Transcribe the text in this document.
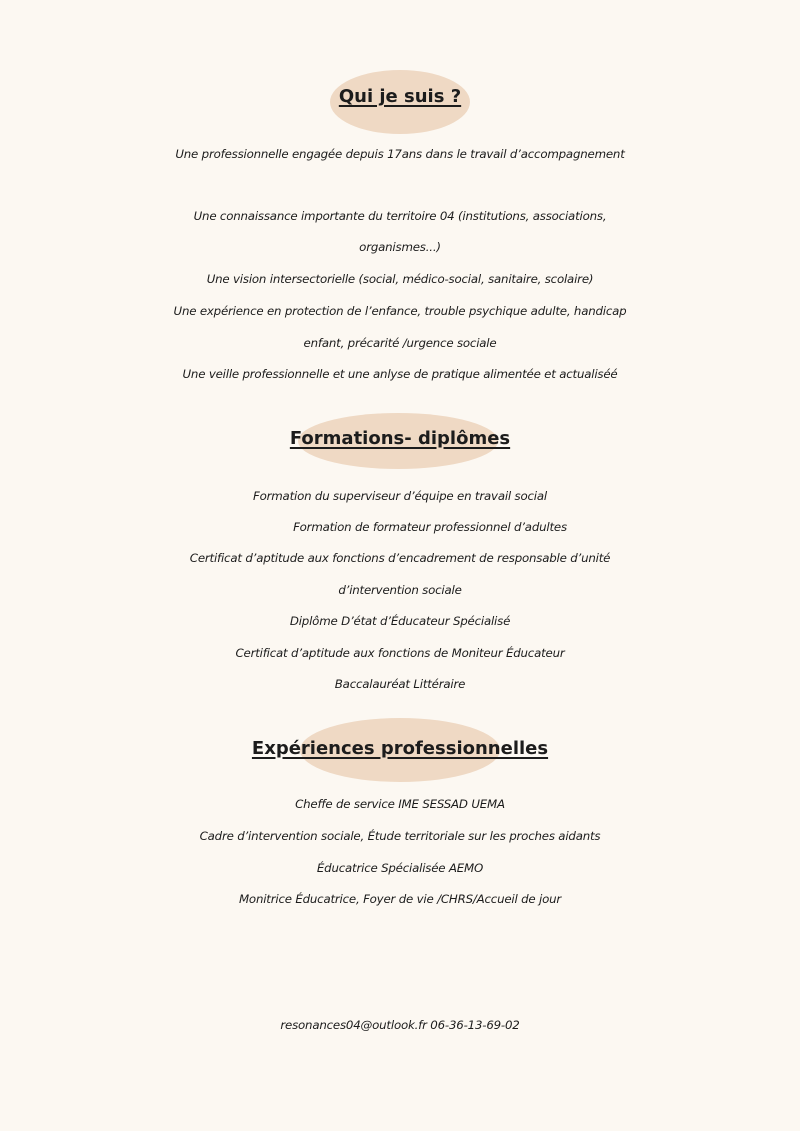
Qui je suis ?

Une professionnelle engagée depuis 17ans dans le travail d’accompagnement

Une connaissance importante du territoire 04 (institutions, associations,

organismes...)

Une vision intersectorielle (social, médico-social, sanitaire, scolaire)

Une expérience en protection de l’enfance, trouble psychique adulte, handicap

enfant, précarité /urgence sociale

Une veille professionnelle et une anlyse de pratique alimentée et actualiséé

Formations- diplômes

Formation du superviseur d’équipe en travail social

Formation de formateur professionnel d’adultes

Certificat d’aptitude aux fonctions d’encadrement de responsable d’unité

d’intervention sociale

Diplôme D’état d’Éducateur Spécialisé

Certificat d’aptitude aux fonctions de Moniteur Éducateur

Baccalauréat Littéraire

Expériences professionnelles

Cheffe de service IME SESSAD UEMA

Cadre d’intervention sociale, Étude territoriale sur les proches aidants

Éducatrice Spécialisée AEMO

Monitrice Éducatrice, Foyer de vie /CHRS/Accueil de jour

resonances04@outlook.fr 06-36-13-69-02
